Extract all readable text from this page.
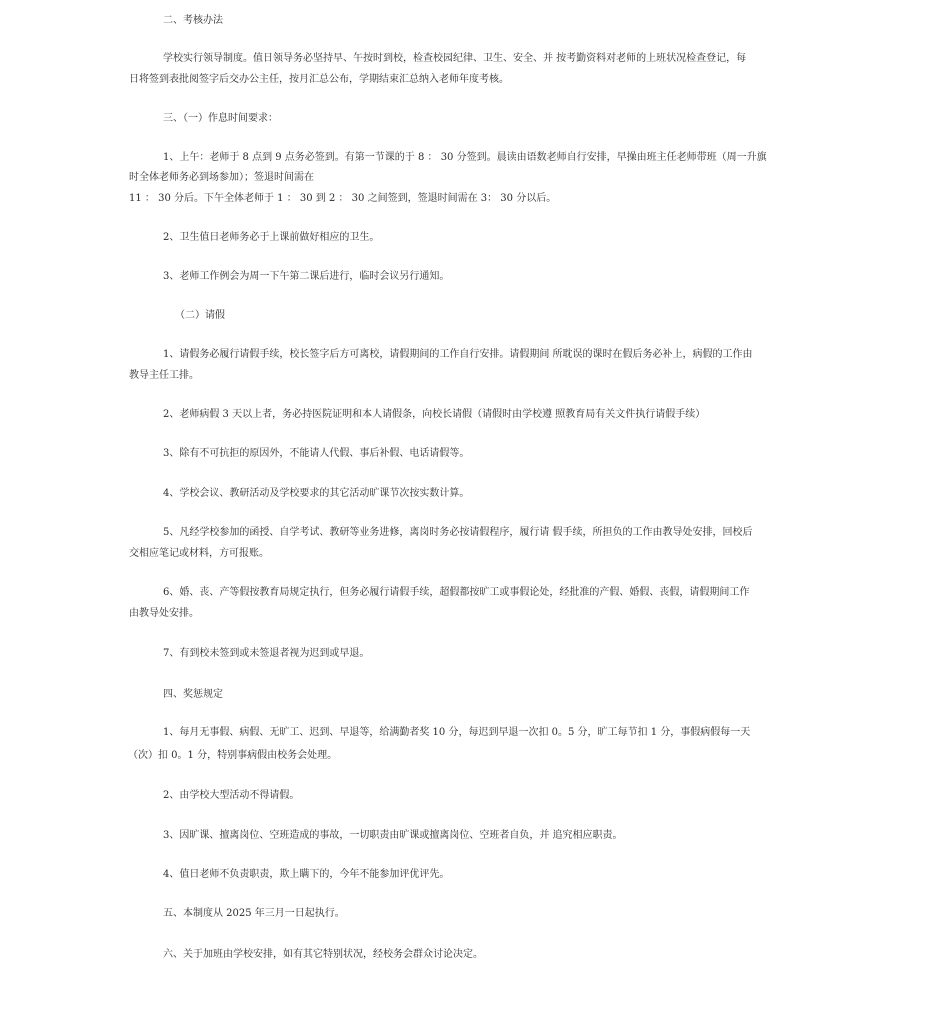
二、考核办法

学校实行领导制度。值日领导务必坚持早、午按时到校，检查校园纪律、卫生、安全、并 按考勤资料对老师的上班状况检查登记，每

日将签到表批阅签字后交办公主任，按月汇总公布，学期结束汇总纳入老师年度考核。

三、（一）作息时间要求：

1、上午：老师于 8 点到 9 点务必签到。有第一节课的于 8 ： 30 分签到。晨读由语数老师自行安排，早操由班主任老师带班（周一升旗

时全体老师务必到场参加）；签退时间需在

11 ： 30 分后。下午全体老师于 1 ： 30 到 2 ： 30 之间签到，签退时间需在 3： 30 分以后。

2、卫生值日老师务必于上课前做好相应的卫生。

3、老师工作例会为周一下午第二课后进行，临时会议另行通知。

（二）请假

1、请假务必履行请假手续，校长签字后方可离校，请假期间的工作自行安排。请假期间 所耽误的课时在假后务必补上，病假的工作由

教导主任工排。

2、老师病假 3 天以上者，务必持医院证明和本人请假条，向校长请假（请假时由学校遵 照教育局有关文件执行请假手续）

3、除有不可抗拒的原因外，不能请人代假、事后补假、电话请假等。

4、学校会议、教研活动及学校要求的其它活动旷课节次按实数计算。

5、凡经学校参加的函授、自学考试、教研等业务进修，离岗时务必按请假程序，履行请 假手续，所担负的工作由教导处安排，回校后

交相应笔记或材料，方可报账。

6、婚、丧、产等假按教育局规定执行，但务必履行请假手续，超假都按旷工或事假论处，经批准的产假、婚假、丧假，请假期间工作

由教导处安排。

7、有到校未签到或未签退者视为迟到或早退。

四、奖惩规定

1、每月无事假、病假、无旷工、迟到、早退等，给满勤者奖 10 分，每迟到早退一次扣 0。5 分，旷工每节扣 1 分，事假病假每一天

（次）扣 0。1 分，特别事病假由校务会处理。

2、由学校大型活动不得请假。

3、因旷课、擅离岗位、空班造成的事故，一切职责由旷课或擅离岗位、空班者自负，并 追究相应职责。

4、值日老师不负责职责，欺上瞒下的，今年不能参加评优评先。

五、本制度从 2025 年三月一日起执行。

六、关于加班由学校安排，如有其它特别状况，经校务会群众讨论决定。
